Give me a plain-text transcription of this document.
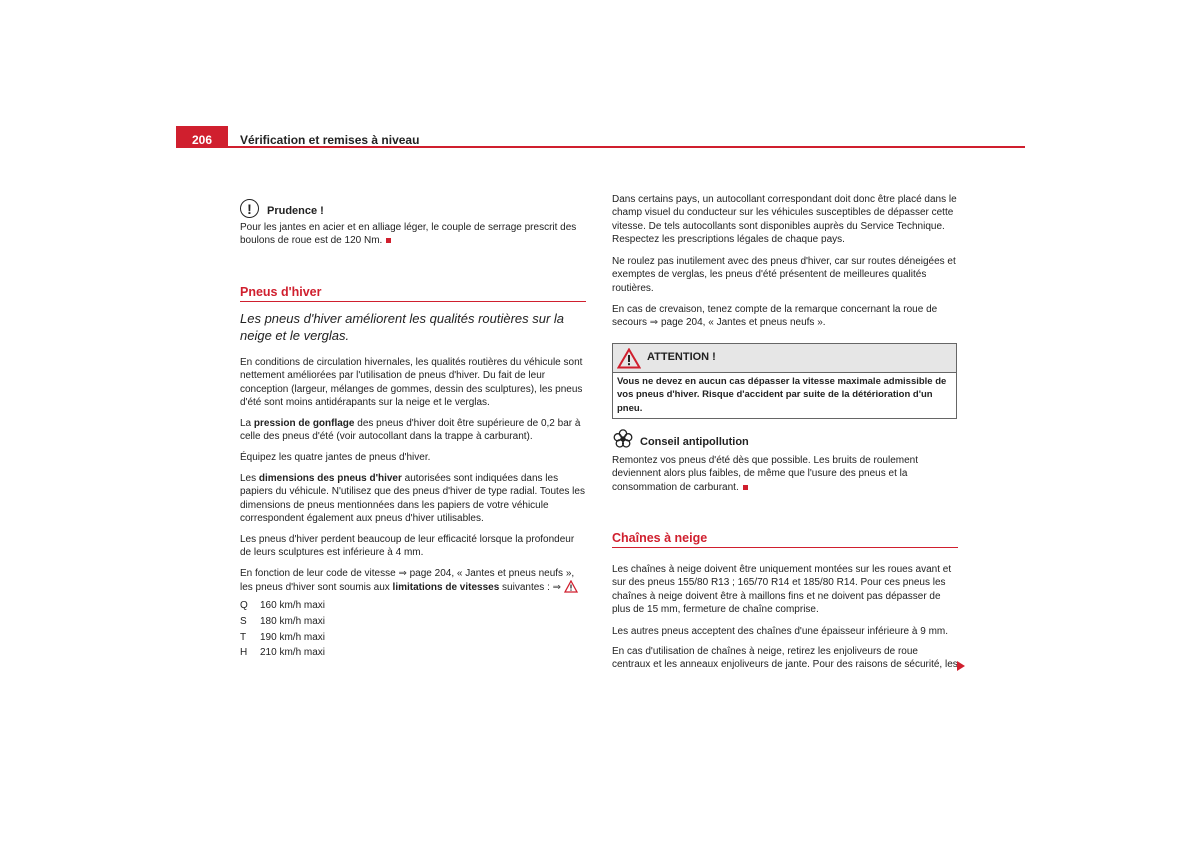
206	Vérification et remises à niveau
!	Prudence !

Pour les jantes en acier et en alliage léger, le couple de serrage prescrit des boulons de roue est de 120 Nm.

Pneus d'hiver

Les pneus d'hiver améliorent les qualités routières sur la neige et le verglas.

En conditions de circulation hivernales, les qualités routières du véhicule sont nettement améliorées par l'utilisation de pneus d'hiver. Du fait de leur conception (largeur, mélanges de gommes, dessin des sculptures), les pneus d'été sont moins antidérapants sur la neige et le verglas.

La pression de gonflage des pneus d'hiver doit être supérieure de 0,2 bar à celle des pneus d'été (voir autocollant dans la trappe à carburant).

Équipez les quatre jantes de pneus d'hiver.

Les dimensions des pneus d'hiver autorisées sont indiquées dans les papiers du véhicule. N'utilisez que des pneus d'hiver de type radial. Toutes les dimensions de pneus mentionnées dans les papiers de votre véhicule correspondent également aux pneus d'hiver utilisables.

Les pneus d'hiver perdent beaucoup de leur efficacité lorsque la profondeur de leurs sculptures est inférieure à 4 mm.

En fonction de leur code de vitesse ⇒ page 204, « Jantes et pneus neufs », les pneus d'hiver sont soumis aux limitations de vitesses suivantes : ⇒

Q	160 km/h maxi
S	180 km/h maxi
T	190 km/h maxi
H	210 km/h maxi

Dans certains pays, un autocollant correspondant doit donc être placé dans le champ visuel du conducteur sur les véhicules susceptibles de dépasser cette vitesse. De tels autocollants sont disponibles auprès du Service Technique. Respectez les prescriptions légales de chaque pays.

Ne roulez pas inutilement avec des pneus d'hiver, car sur routes déneigées et exemptes de verglas, les pneus d'été présentent de meilleures qualités routières.

En cas de crevaison, tenez compte de la remarque concernant la roue de secours ⇒ page 204, « Jantes et pneus neufs ».

ATTENTION !
Vous ne devez en aucun cas dépasser la vitesse maximale admissible de vos pneus d'hiver. Risque d'accident par suite de la détérioration d'un pneu.
Conseil antipollution

Remontez vos pneus d'été dès que possible. Les bruits de roulement deviennent alors plus faibles, de même que l'usure des pneus et la consommation de carburant.

Chaînes à neige

Les chaînes à neige doivent être uniquement montées sur les roues avant et sur des pneus 155/80 R13 ; 165/70 R14 et 185/80 R14. Pour ces pneus les chaînes à neige doivent être à maillons fins et ne doivent pas dépasser de plus de 15 mm, fermeture de chaîne comprise.

Les autres pneus acceptent des chaînes d'une épaisseur inférieure à 9 mm.

En cas d'utilisation de chaînes à neige, retirez les enjoliveurs de roue centraux et les anneaux enjoliveurs de jante. Pour des raisons de sécurité, les
